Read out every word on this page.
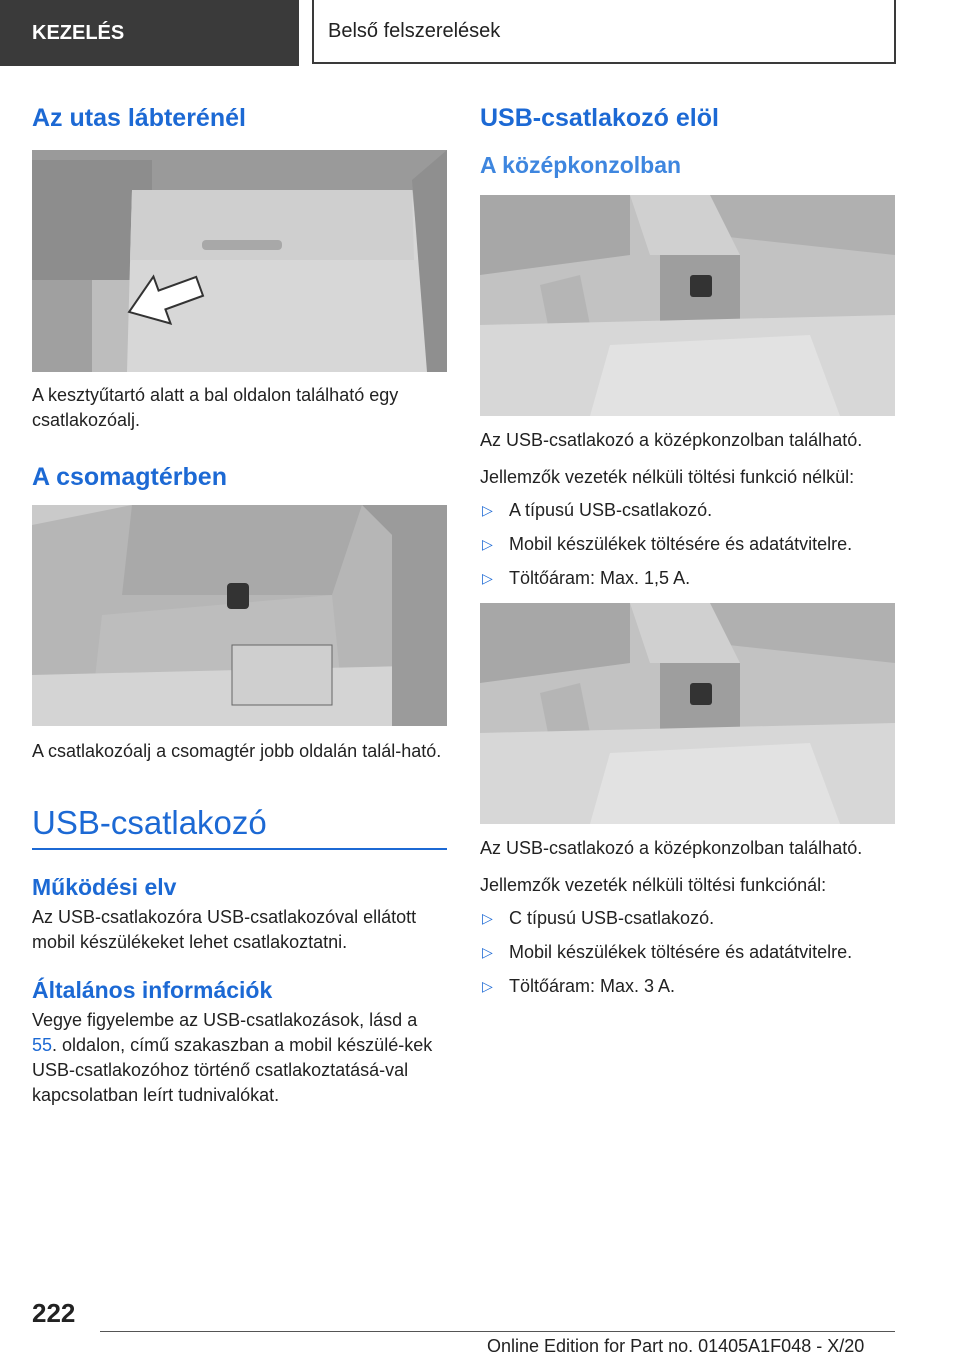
KEZELÉS	Belső felszerelések
Az utas lábterénél

A kesztyűtartó alatt a bal oldalon található egy csatlakozóalj.

A csomagtérben

A csatlakozóalj a csomagtér jobb oldalán talál-ható.

USB-csatlakozó
Működési elv

Az USB-csatlakozóra USB-csatlakozóval ellátott mobil készülékeket lehet csatlakoztatni.

Általános információk

Vegye figyelembe az USB-csatlakozások, lásd a 55. oldalon, című szakaszban a mobil készülé-kek USB-csatlakozóhoz történő csatlakoztatásá-val kapcsolatban leírt tudnivalókat.

USB-csatlakozó elöl
A középkonzolban

Az USB-csatlakozó a középkonzolban található.

Jellemzők vezeték nélküli töltési funkció nélkül:

▷ A típusú USB-csatlakozó.
▷ Mobil készülékek töltésére és adatátvitelre.
▷ Töltőáram: Max. 1,5 A.

Az USB-csatlakozó a középkonzolban található.

Jellemzők vezeték nélküli töltési funkciónál:

▷ C típusú USB-csatlakozó.
▷ Mobil készülékek töltésére és adatátvitelre.
▷ Töltőáram: Max. 3 A.
222
Online Edition for Part no. 01405A1F048 - X/20
